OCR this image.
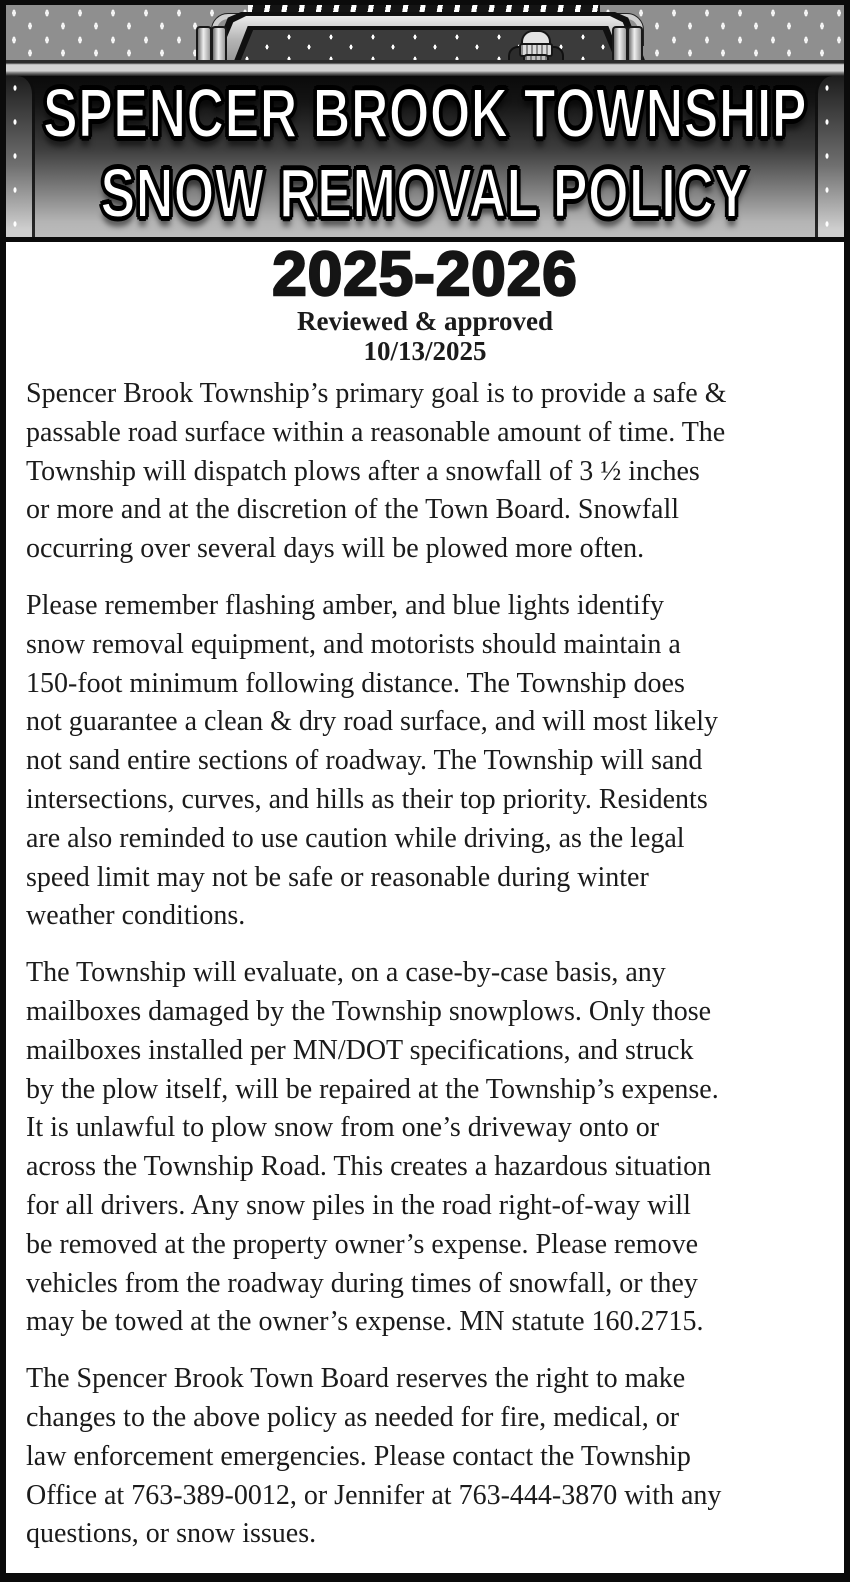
SPENCER BROOK TOWNSHIP
SNOW REMOVAL POLICY
2025-2026
Reviewed & approved
10/13/2025
Spencer Brook Township’s primary goal is to provide a safe &
passable road surface within a reasonable amount of time. The
Township will dispatch plows after a snowfall of 3 ½ inches
or more and at the discretion of the Town Board. Snowfall
occurring over several days will be plowed more often.
Please remember flashing amber, and blue lights identify
snow removal equipment, and motorists should maintain a
150-foot minimum following distance. The Township does
not guarantee a clean & dry road surface, and will most likely
not sand entire sections of roadway. The Township will sand
intersections, curves, and hills as their top priority. Residents
are also reminded to use caution while driving, as the legal
speed limit may not be safe or reasonable during winter
weather conditions.
The Township will evaluate, on a case-by-case basis, any
mailboxes damaged by the Township snowplows. Only those
mailboxes installed per MN/DOT specifications, and struck
by the plow itself, will be repaired at the Township’s expense.
It is unlawful to plow snow from one’s driveway onto or
across the Township Road. This creates a hazardous situation
for all drivers. Any snow piles in the road right-of-way will
be removed at the property owner’s expense. Please remove
vehicles from the roadway during times of snowfall, or they
may be towed at the owner’s expense. MN statute 160.2715.
The Spencer Brook Town Board reserves the right to make
changes to the above policy as needed for fire, medical, or
law enforcement emergencies. Please contact the Township
Office at 763-389-0012, or Jennifer at 763-444-3870 with any
questions, or snow issues.
